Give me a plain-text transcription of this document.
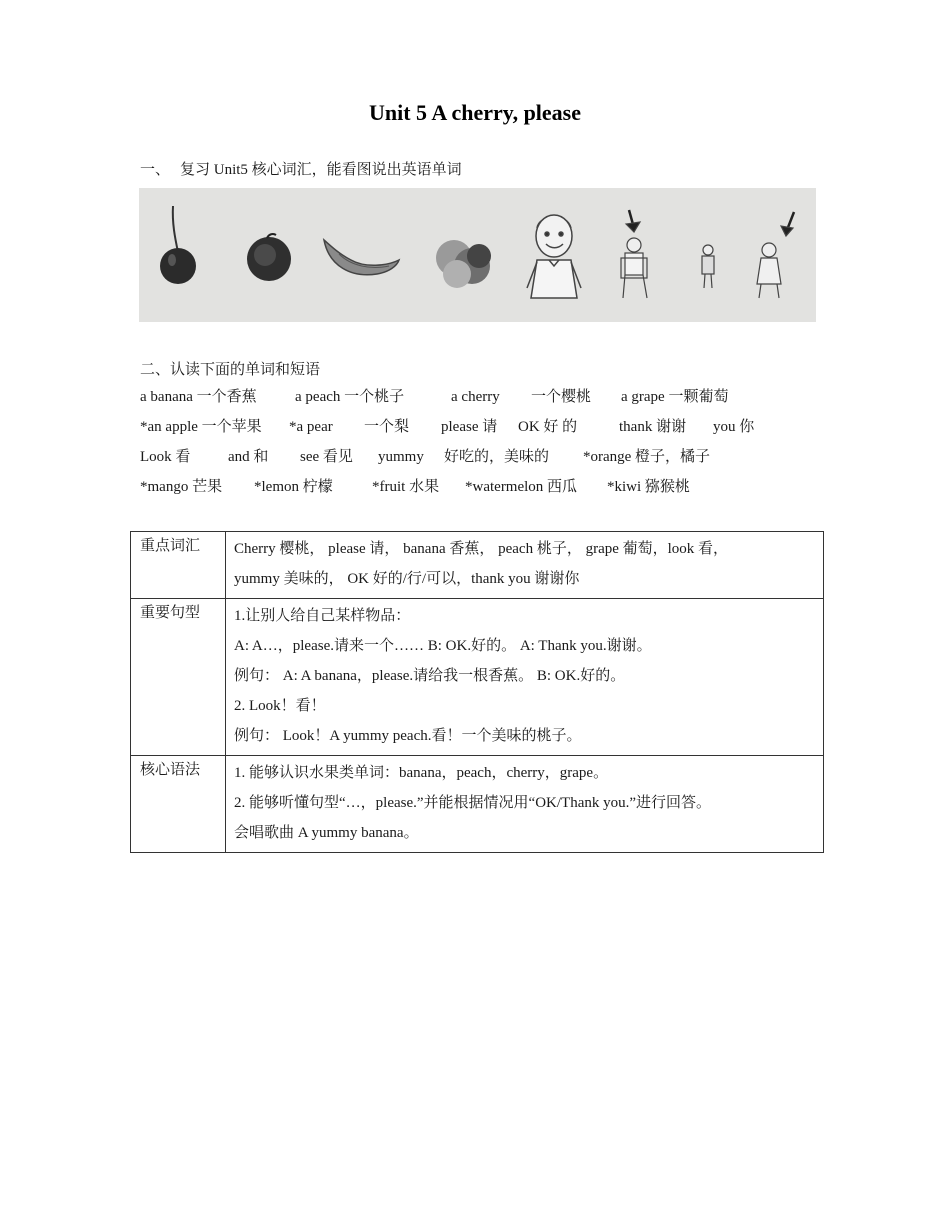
Unit 5 A cherry, please
一、 复习 Unit5 核心词汇，能看图说出英语单词
二、认读下面的单词和短语
a banana 一个香蕉	a peach 一个桃子	a cherry 一个樱桃 a grape 一颗葡萄
*an apple 一个苹果 *a pear 一个梨 please 请 OK 好 的	thank 谢谢 you 你
Look 看	and 和 see 看见 yummy 好吃的，美味的 *orange 橙子，橘子
*mango 芒果 *lemon 柠檬	*fruit 水果 *watermelon 西瓜 *kiwi 猕猴桃
重点词汇	Cherry 樱桃， please 请， banana 香蕉， peach 桃子， grape 葡萄，look 看，
yummy 美味的， OK 好的/行/可以，thank you 谢谢你

重要句型	1.让别人给自己某样物品：
A: A…，please.请来一个…… B: OK.好的。 A: Thank you.谢谢。
例句： A: A banana，please.请给我一根香蕉。 B: OK.好的。
2. Look！看！
例句： Look！A yummy peach.看！一个美味的桃子。

核心语法	1. 能够认识水果类单词：banana，peach，cherry，grape。
2. 能够听懂句型“…，please.”并能根据情况用“OK/Thank you.”进行回答。
会唱歌曲 A yummy banana。
